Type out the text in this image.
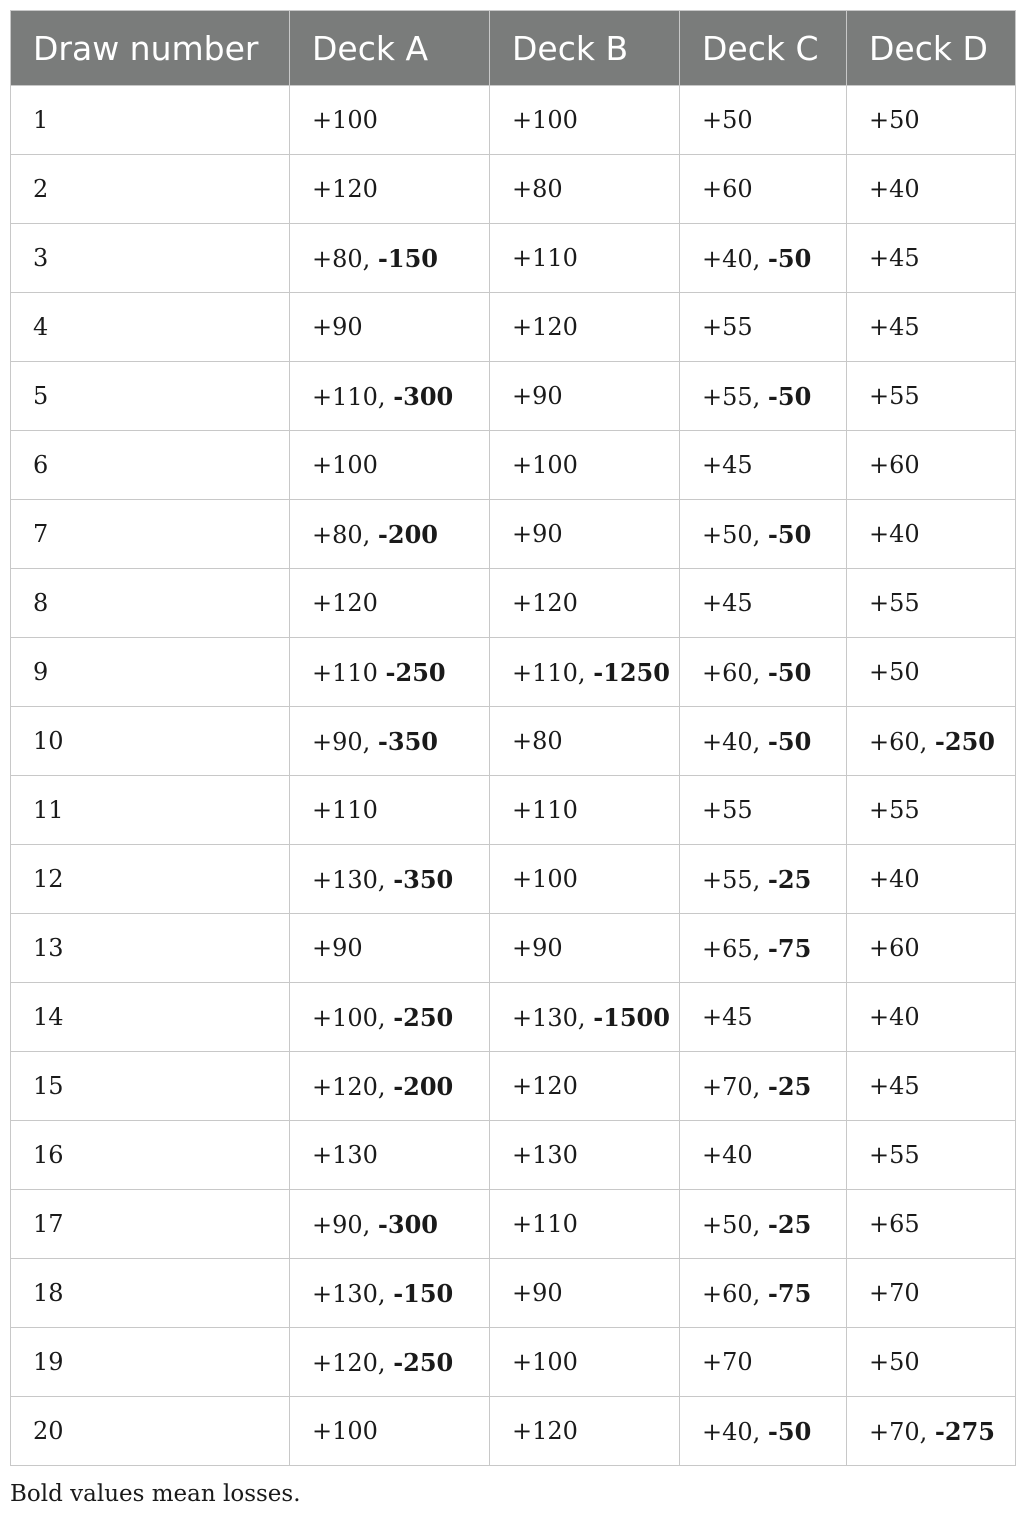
Draw number	Deck A	Deck B	Deck C	Deck D
1	+100	+100	+50	+50
2	+120	+80	+60	+40
3	+80, -150	+110	+40, -50	+45
4	+90	+120	+55	+45
5	+110, -300	+90	+55, -50	+55
6	+100	+100	+45	+60
7	+80, -200	+90	+50, -50	+40
8	+120	+120	+45	+55
9	+110 -250	+110, -1250	+60, -50	+50
10	+90, -350	+80	+40, -50	+60, -250
11	+110	+110	+55	+55
12	+130, -350	+100	+55, -25	+40
13	+90	+90	+65, -75	+60
14	+100, -250	+130, -1500	+45	+40
15	+120, -200	+120	+70, -25	+45
16	+130	+130	+40	+55
17	+90, -300	+110	+50, -25	+65
18	+130, -150	+90	+60, -75	+70
19	+120, -250	+100	+70	+50
20	+100	+120	+40, -50	+70, -275
Bold values mean losses.
